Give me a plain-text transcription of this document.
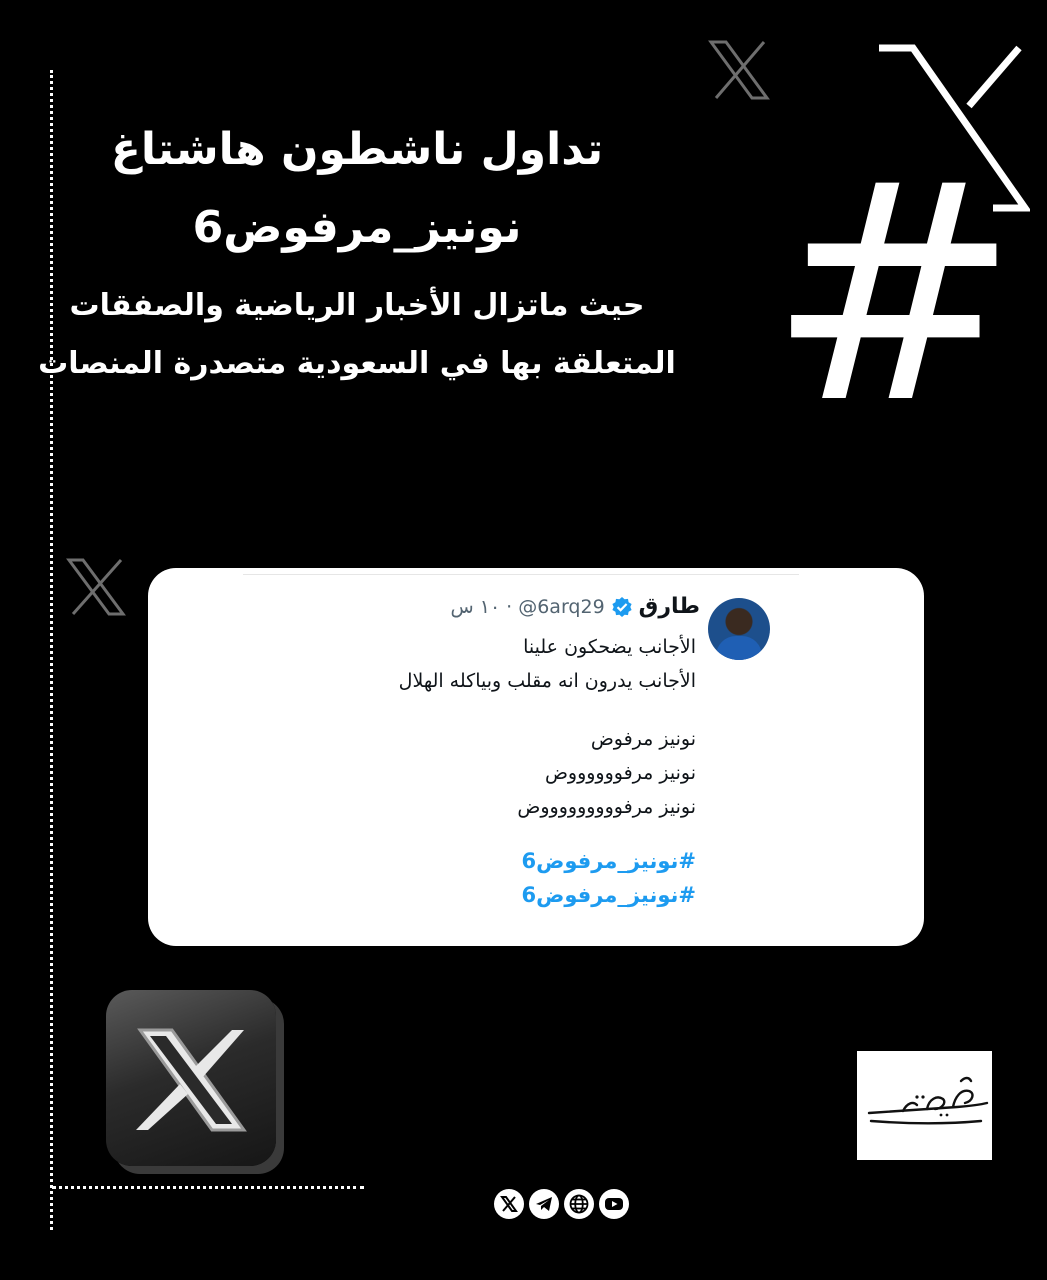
#

تداول ناشطون هاشتاغ

نونيز_مرفوض6

حيث ماتزال الأخبار الرياضية والصفقات

المتعلقة بها في السعودية متصدرة المنصات

طارق
@6arq29
·
١٠ س

الأجانب يضحكون علينا

الأجانب يدرون انه مقلب وبياكله الهلال

نونيز مرفوض

نونيز مرفووووووض

نونيز مرفوووووووووض

#نونيز_مرفوض6

#نونيز_مرفوض6
